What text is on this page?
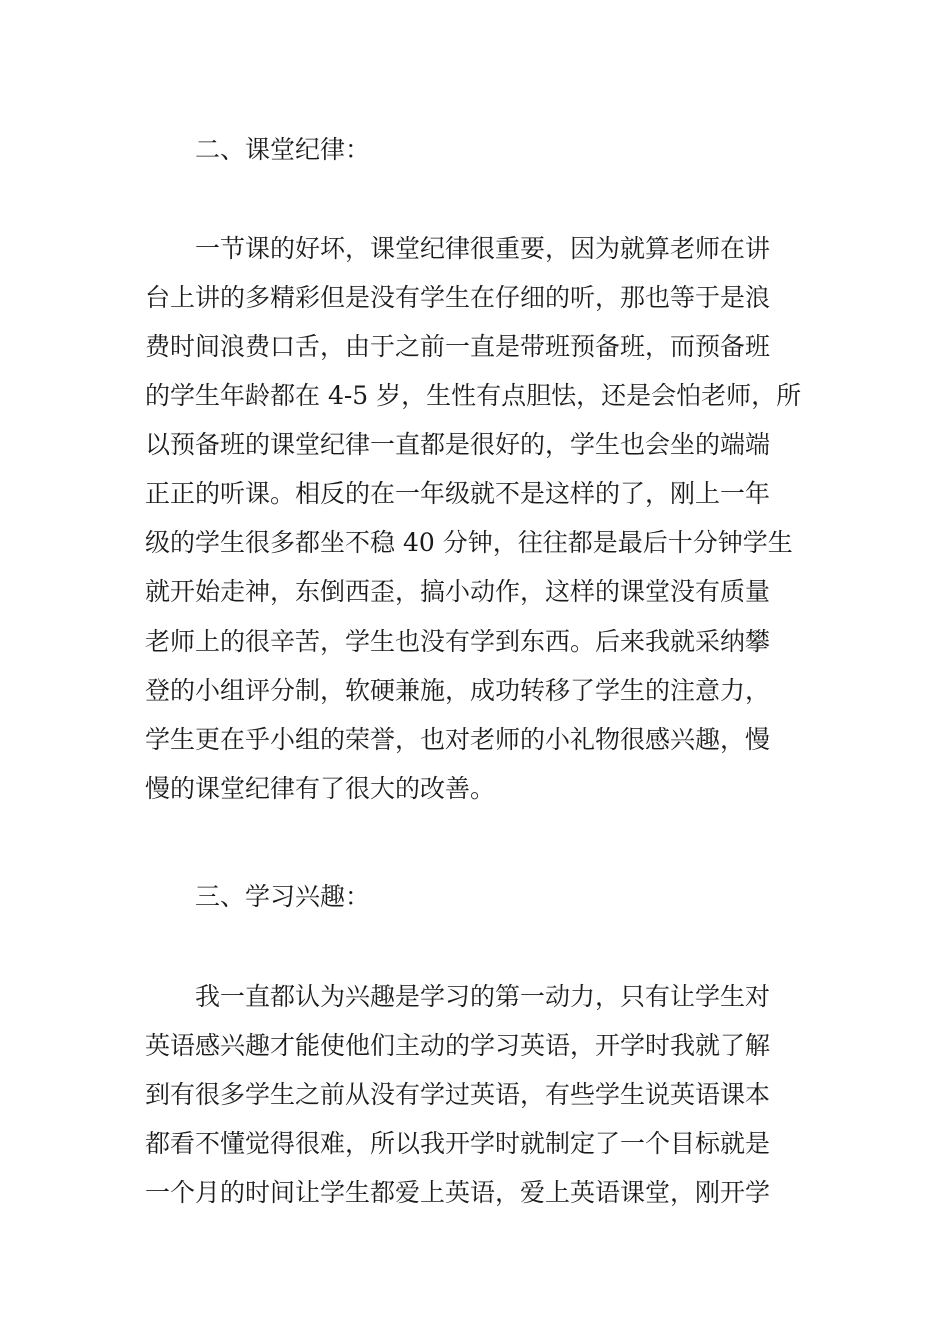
二、课堂纪律：
一节课的好坏，课堂纪律很重要，因为就算老师在讲
台上讲的多精彩但是没有学生在仔细的听，那也等于是浪
费时间浪费口舌，由于之前一直是带班预备班，而预备班
的学生年龄都在 4-5 岁，生性有点胆怯，还是会怕老师，所
以预备班的课堂纪律一直都是很好的，学生也会坐的端端
正正的听课。相反的在一年级就不是这样的了，刚上一年
级的学生很多都坐不稳 40 分钟，往往都是最后十分钟学生
就开始走神，东倒西歪，搞小动作，这样的课堂没有质量
老师上的很辛苦，学生也没有学到东西。后来我就采纳攀
登的小组评分制，软硬兼施，成功转移了学生的注意力，
学生更在乎小组的荣誉，也对老师的小礼物很感兴趣，慢
慢的课堂纪律有了很大的改善。
三、学习兴趣：
我一直都认为兴趣是学习的第一动力，只有让学生对
英语感兴趣才能使他们主动的学习英语，开学时我就了解
到有很多学生之前从没有学过英语，有些学生说英语课本
都看不懂觉得很难，所以我开学时就制定了一个目标就是
一个月的时间让学生都爱上英语，爱上英语课堂，刚开学
